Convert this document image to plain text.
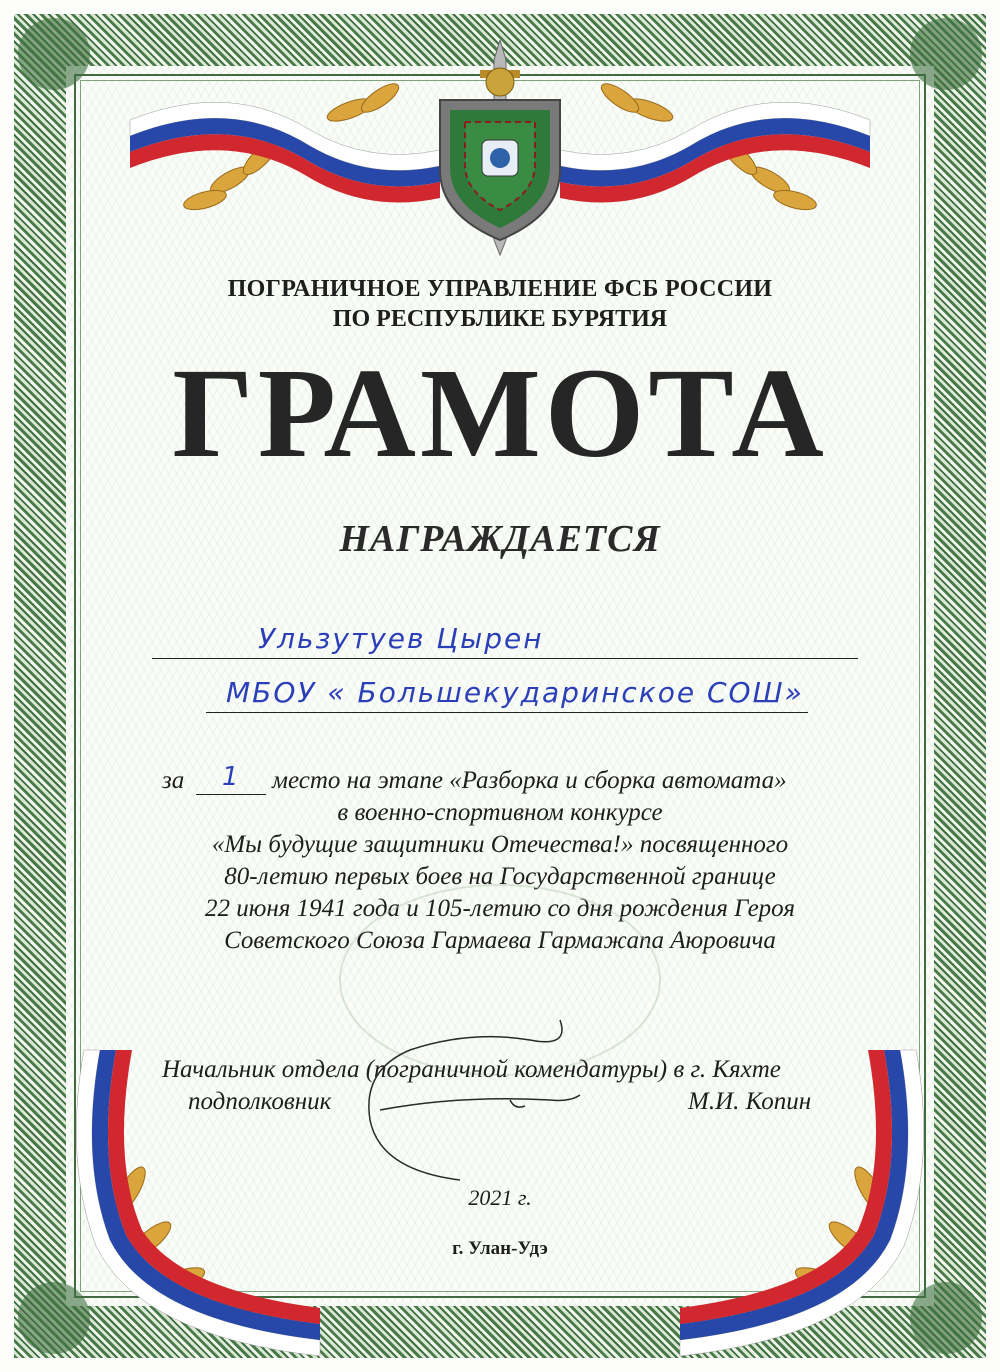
ПОГРАНИЧНОЕ УПРАВЛЕНИЕ ФСБ РОССИИ
ПО РЕСПУБЛИКЕ БУРЯТИЯ
ГРАМОТА
НАГРАЖДАЕТСЯ
Ульзутуев Цырен
МБОУ « Большекударинское СОШ»
за 1 место на этапе «Разборка и сборка автомата»
в военно-спортивном конкурсе
«Мы будущие защитники Отечества!» посвященного
80-летию первых боев на Государственной границе
22 июня 1941 года и 105-летию со дня рождения Героя
Советского Союза Гармаева Гармажапа Аюровича
Начальник отдела (пограничной комендатуры) в г. Кяхте
подполковник	М.И. Копин
2021 г.
г. Улан-Удэ
